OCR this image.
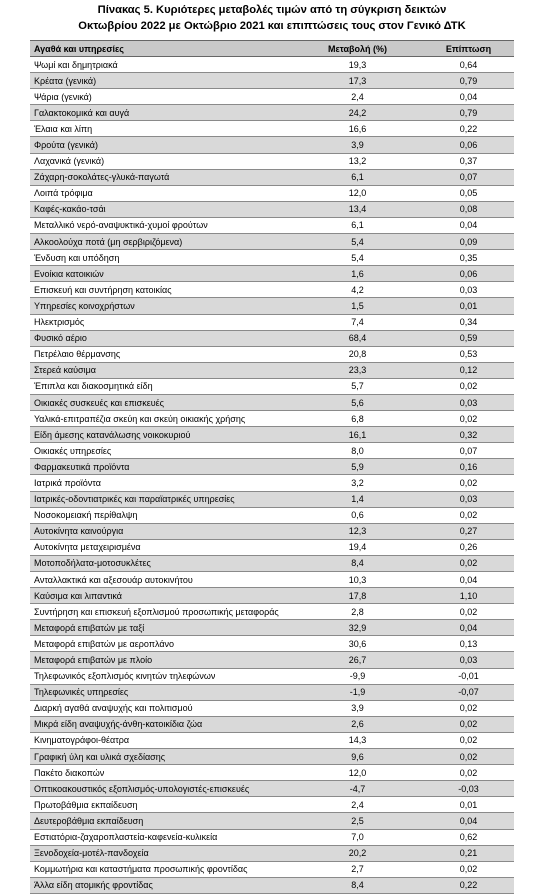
Πίνακας 5. Κυριότερες μεταβολές τιμών από τη σύγκριση δεικτών
Οκτωβρίου 2022 με Οκτώβριο 2021 και επιπτώσεις τους στον Γενικό ΔΤΚ
Αγαθά και υπηρεσίες	Μεταβολή (%)	Επίπτωση
Ψωμί και δημητριακά	19,3	0,64
Κρέατα (γενικά)	17,3	0,79
Ψάρια (γενικά)	2,4	0,04
Γαλακτοκομικά και αυγά	24,2	0,79
Έλαια και λίπη	16,6	0,22
Φρούτα (γενικά)	3,9	0,06
Λαχανικά (γενικά)	13,2	0,37
Ζάχαρη-σοκολάτες-γλυκά-παγωτά	6,1	0,07
Λοιπά τρόφιμα	12,0	0,05
Καφές-κακάο-τσάι	13,4	0,08
Μεταλλικό νερό-αναψυκτικά-χυμοί φρούτων	6,1	0,04
Αλκοολούχα ποτά (μη σερβιριζόμενα)	5,4	0,09
Ένδυση και υπόδηση	5,4	0,35
Ενοίκια κατοικιών	1,6	0,06
Επισκευή και συντήρηση κατοικίας	4,2	0,03
Υπηρεσίες κοινοχρήστων	1,5	0,01
Ηλεκτρισμός	7,4	0,34
Φυσικό αέριο	68,4	0,59
Πετρέλαιο θέρμανσης	20,8	0,53
Στερεά καύσιμα	23,3	0,12
Έπιπλα και διακοσμητικά είδη	5,7	0,02
Οικιακές συσκευές και επισκευές	5,6	0,03
Υαλικά-επιτραπέζια σκεύη και σκεύη οικιακής χρήσης	6,8	0,02
Είδη άμεσης κατανάλωσης νοικοκυριού	16,1	0,32
Οικιακές υπηρεσίες	8,0	0,07
Φαρμακευτικά προϊόντα	5,9	0,16
Ιατρικά προϊόντα	3,2	0,02
Ιατρικές-οδοντιατρικές και παραϊατρικές υπηρεσίες	1,4	0,03
Νοσοκομειακή περίθαλψη	0,6	0,02
Αυτοκίνητα καινούργια	12,3	0,27
Αυτοκίνητα μεταχειρισμένα	19,4	0,26
Μοτοποδήλατα-μοτοσυκλέτες	8,4	0,02
Ανταλλακτικά και αξεσουάρ αυτοκινήτου	10,3	0,04
Καύσιμα και λιπαντικά	17,8	1,10
Συντήρηση και επισκευή εξοπλισμού προσωπικής μεταφοράς	2,8	0,02
Μεταφορά επιβατών με ταξί	32,9	0,04
Μεταφορά επιβατών με αεροπλάνο	30,6	0,13
Μεταφορά επιβατών με πλοίο	26,7	0,03
Τηλεφωνικός εξοπλισμός κινητών τηλεφώνων	-9,9	-0,01
Τηλεφωνικές υπηρεσίες	-1,9	-0,07
Διαρκή αγαθά αναψυχής και πολιτισμού	3,9	0,02
Μικρά είδη αναψυχής-άνθη-κατοικίδια ζώα	2,6	0,02
Κινηματογράφοι-θέατρα	14,3	0,02
Γραφική ύλη και υλικά σχεδίασης	9,6	0,02
Πακέτο διακοπών	12,0	0,02
Οπτικοακουστικός εξοπλισμός-υπολογιστές-επισκευές	-4,7	-0,03
Πρωτοβάθμια εκπαίδευση	2,4	0,01
Δευτεροβάθμια εκπαίδευση	2,5	0,04
Εστιατόρια-ζαχαροπλαστεία-καφενεία-κυλικεία	7,0	0,62
Ξενοδοχεία-μοτέλ-πανδοχεία	20,2	0,21
Κομμωτήρια και καταστήματα προσωπικής φροντίδας	2,7	0,02
Άλλα είδη ατομικής φροντίδας	8,4	0,22
